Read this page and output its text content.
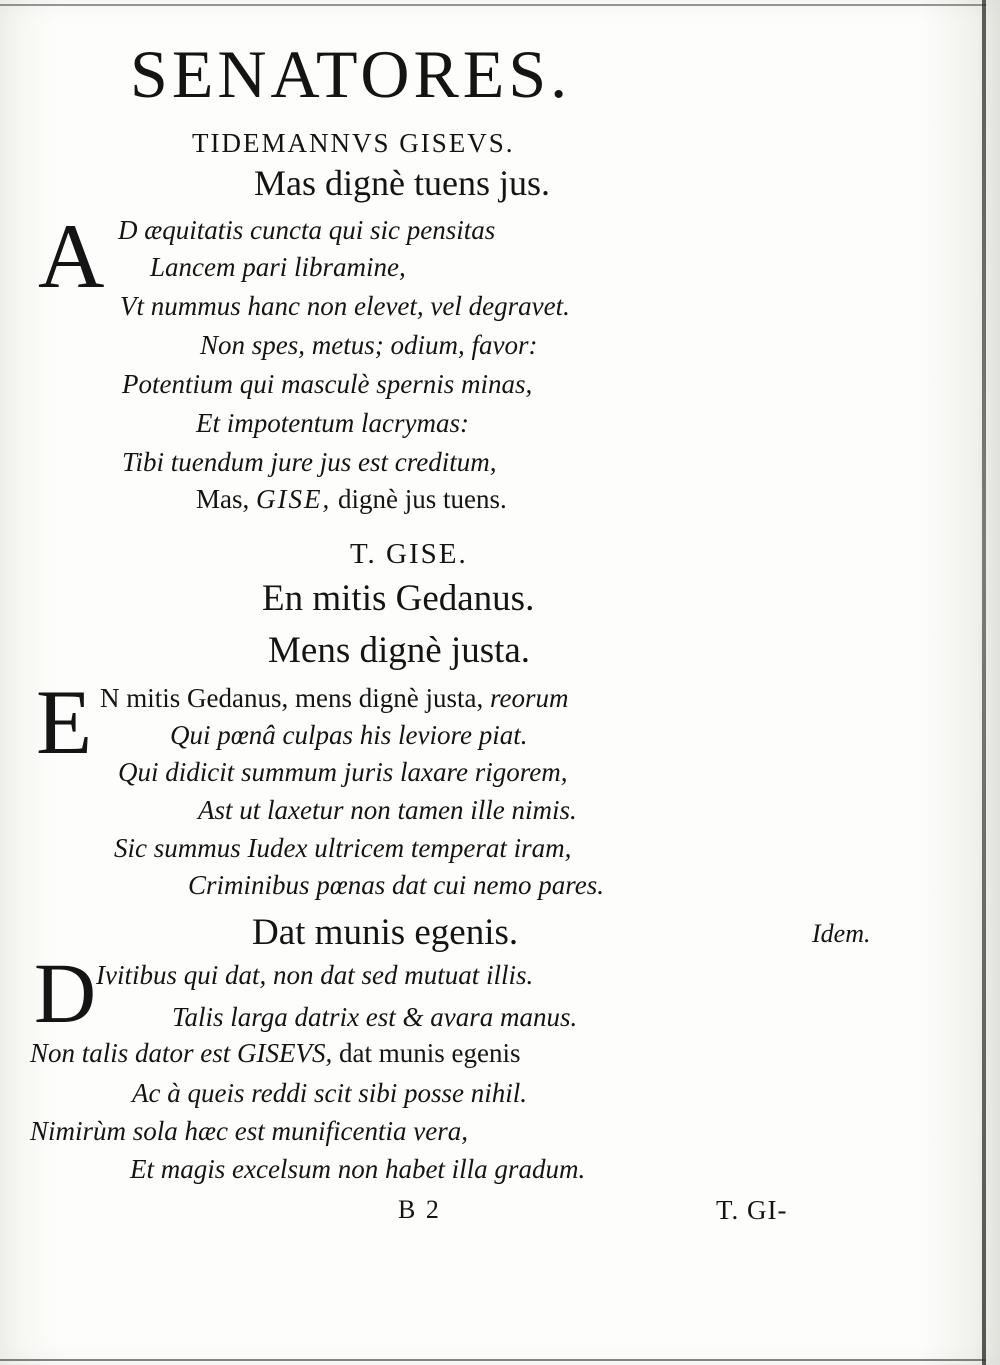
SENATORES.
TIDEMANNVS GISEVS.
Mas dignè tuens jus.
A D æquitatis cuncta qui sic pensitas
Lancem pari libramine,
Vt nummus hanc non elevet, vel degravet.
Non spes, metus; odium, favor:
Potentium qui masculè spernis minas,
Et impotentum lacrymas:
Tibi tuendum jure jus est creditum,
Mas, GISE, dignè jus tuens.
T. GISE.
En mitis Gedanus.
Mens dignè justa.
E N mitis Gedanus, mens dignè justa, reorum
Qui pœnâ culpas his leviore piat.
Qui didicit summum juris laxare rigorem,
Ast ut laxetur non tamen ille nimis.
Sic summus Iudex ultricem temperat iram,
Criminibus pœnas dat cui nemo pares.
Dat munis egenis.	Idem.
D Ivitibus qui dat, non dat sed mutuat illis.
Talis larga datrix est & avara manus.
Non talis dator est GISEVS, dat munis egenis
Ac à queis reddi scit sibi posse nihil.
Nimirùm sola hæc est munificentia vera,
Et magis excelsum non habet illa gradum.
B 2	T. GI-
